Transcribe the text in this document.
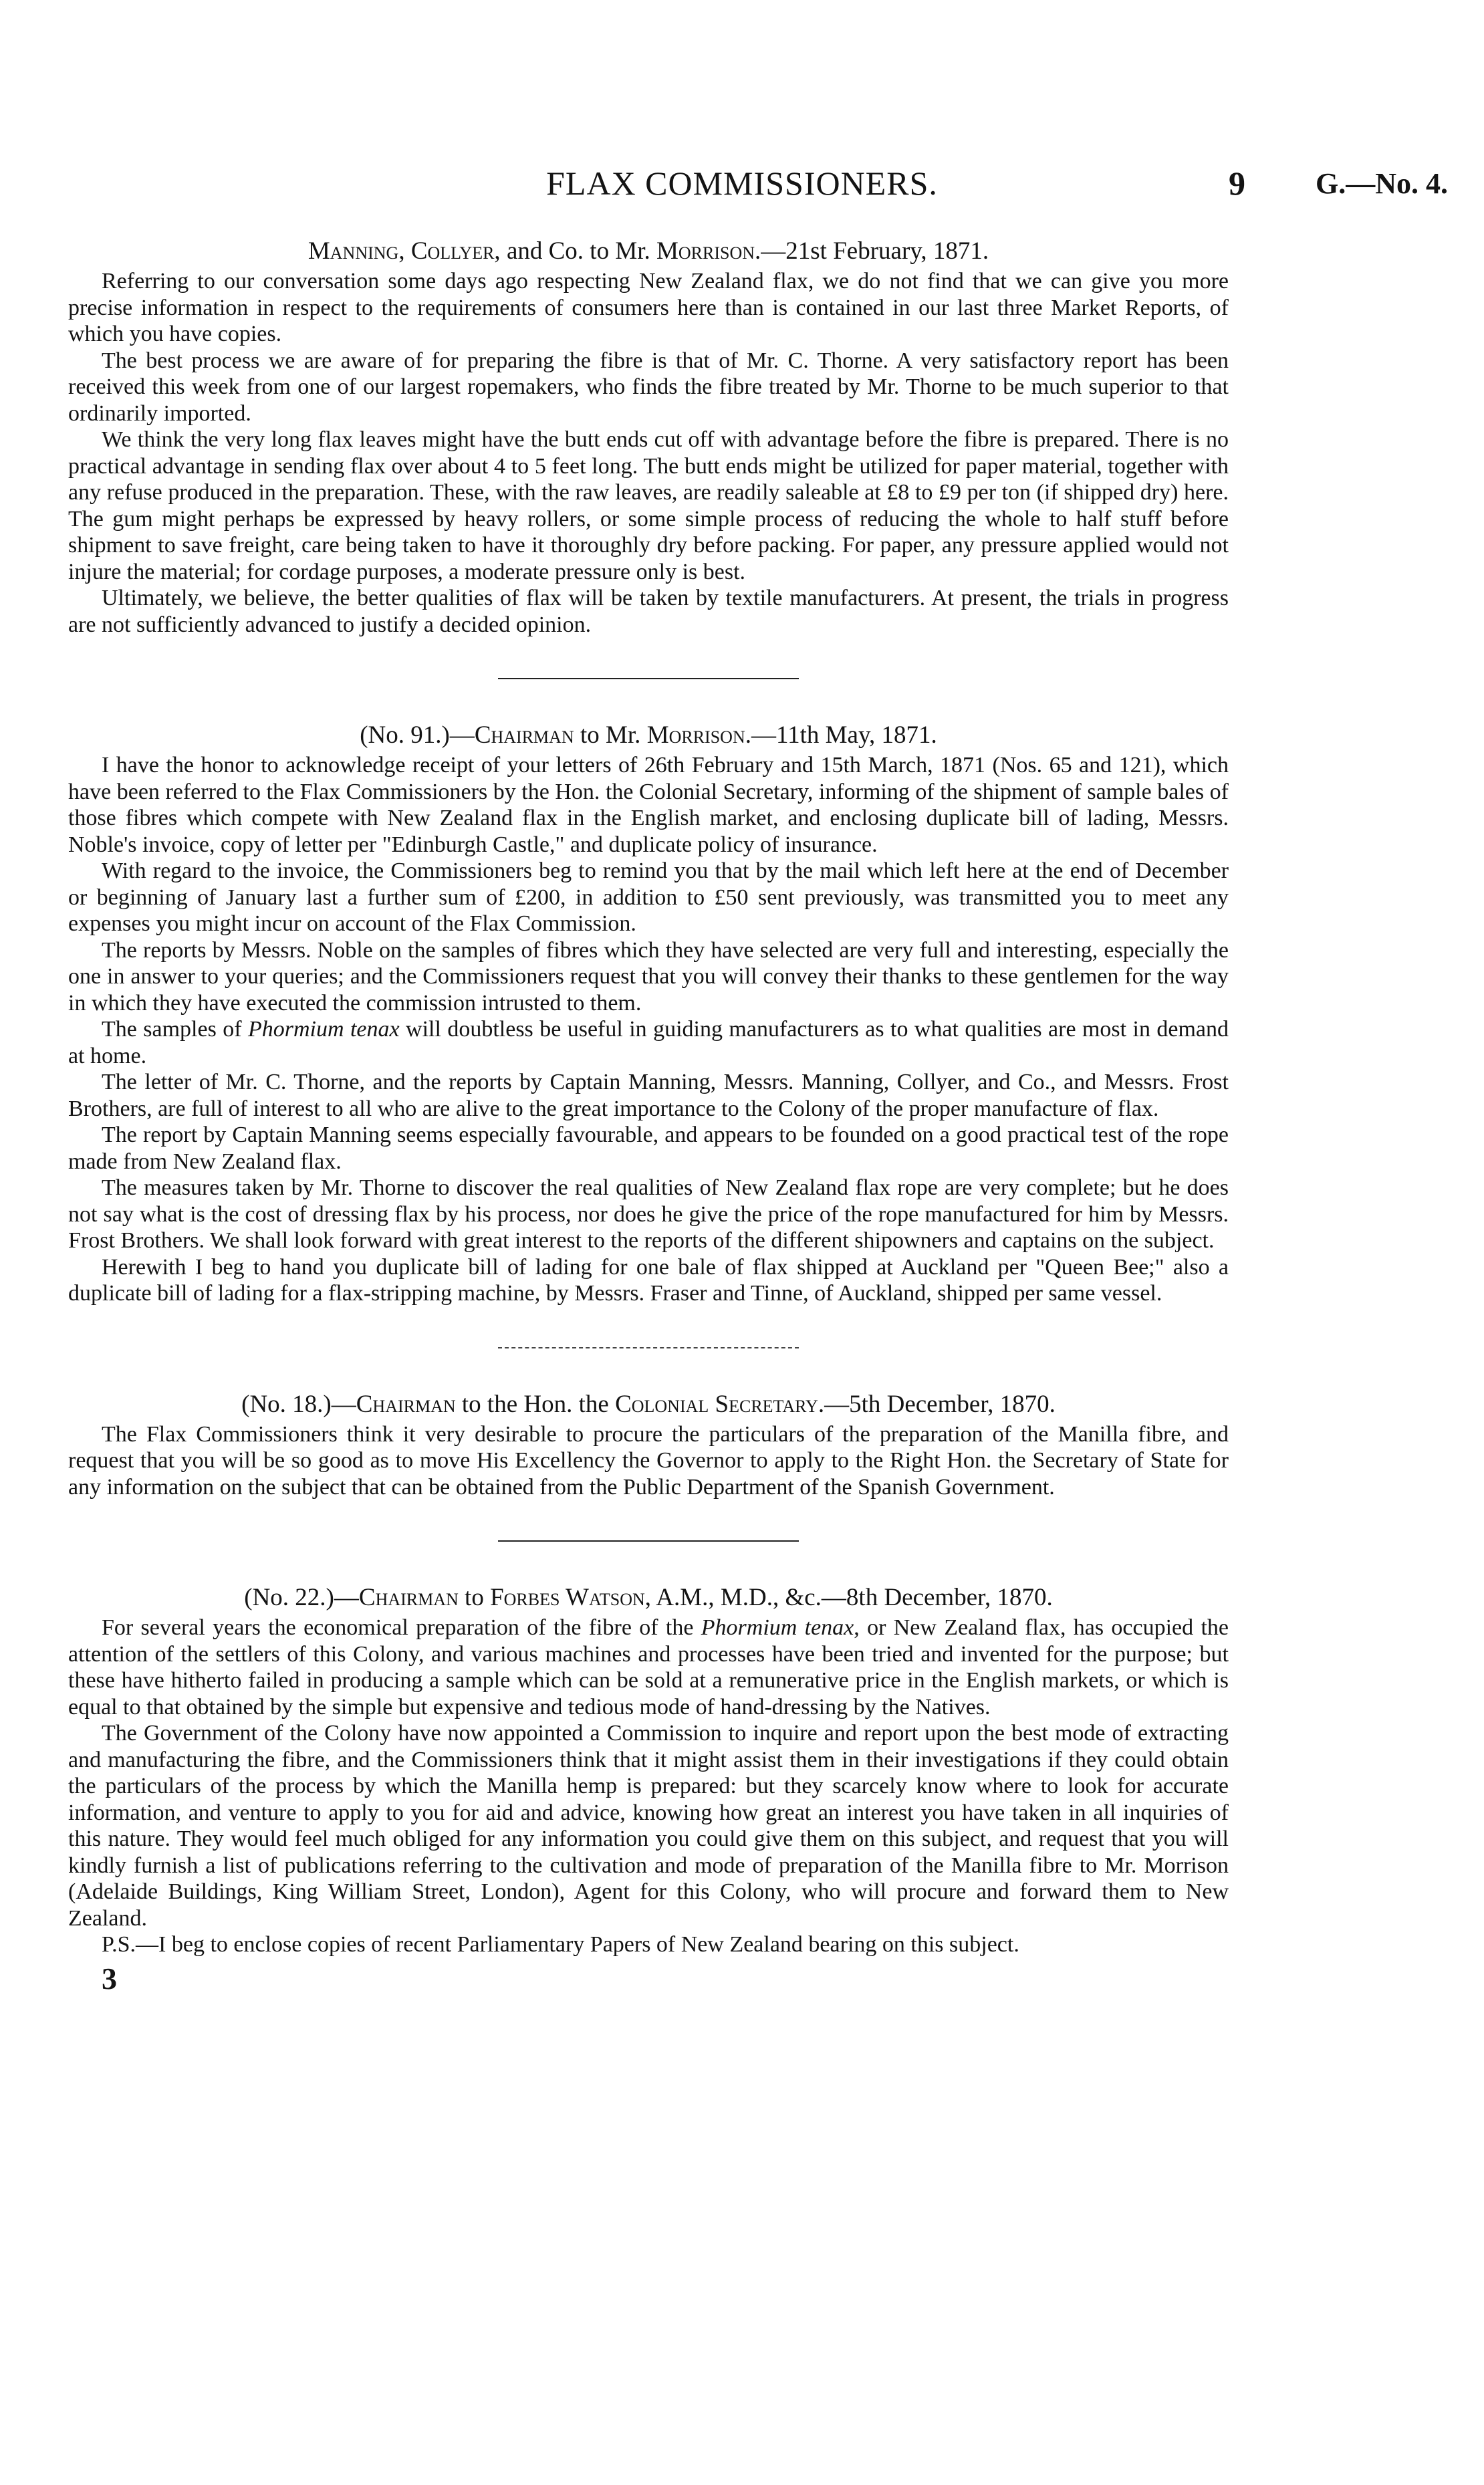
FLAX COMMISSIONERS.	9 G.—No. 4.
Manning, Collyer, and Co. to Mr. Morrison.—21st February, 1871.

Referring to our conversation some days ago respecting New Zealand flax, we do not find that we can give you more precise information in respect to the requirements of consumers here than is contained in our last three Market Reports, of which you have copies.

The best process we are aware of for preparing the fibre is that of Mr. C. Thorne. A very satisfactory report has been received this week from one of our largest ropemakers, who finds the fibre treated by Mr. Thorne to be much superior to that ordinarily imported.

We think the very long flax leaves might have the butt ends cut off with advantage before the fibre is prepared. There is no practical advantage in sending flax over about 4 to 5 feet long. The butt ends might be utilized for paper material, together with any refuse produced in the preparation. These, with the raw leaves, are readily saleable at £8 to £9 per ton (if shipped dry) here. The gum might perhaps be expressed by heavy rollers, or some simple process of reducing the whole to half stuff before shipment to save freight, care being taken to have it thoroughly dry before packing. For paper, any pressure applied would not injure the material; for cordage purposes, a moderate pressure only is best.

Ultimately, we believe, the better qualities of flax will be taken by textile manufacturers. At present, the trials in progress are not sufficiently advanced to justify a decided opinion.

(No. 91.)—Chairman to Mr. Morrison.—11th May, 1871.

I have the honor to acknowledge receipt of your letters of 26th February and 15th March, 1871 (Nos. 65 and 121), which have been referred to the Flax Commissioners by the Hon. the Colonial Secretary, informing of the shipment of sample bales of those fibres which compete with New Zealand flax in the English market, and enclosing duplicate bill of lading, Messrs. Noble's invoice, copy of letter per "Edinburgh Castle," and duplicate policy of insurance.

With regard to the invoice, the Commissioners beg to remind you that by the mail which left here at the end of December or beginning of January last a further sum of £200, in addition to £50 sent previously, was transmitted you to meet any expenses you might incur on account of the Flax Commission.

The reports by Messrs. Noble on the samples of fibres which they have selected are very full and interesting, especially the one in answer to your queries; and the Commissioners request that you will convey their thanks to these gentlemen for the way in which they have executed the commission intrusted to them.

The samples of Phormium tenax will doubtless be useful in guiding manufacturers as to what qualities are most in demand at home.

The letter of Mr. C. Thorne, and the reports by Captain Manning, Messrs. Manning, Collyer, and Co., and Messrs. Frost Brothers, are full of interest to all who are alive to the great importance to the Colony of the proper manufacture of flax.

The report by Captain Manning seems especially favourable, and appears to be founded on a good practical test of the rope made from New Zealand flax.

The measures taken by Mr. Thorne to discover the real qualities of New Zealand flax rope are very complete; but he does not say what is the cost of dressing flax by his process, nor does he give the price of the rope manufactured for him by Messrs. Frost Brothers. We shall look forward with great interest to the reports of the different shipowners and captains on the subject.

Herewith I beg to hand you duplicate bill of lading for one bale of flax shipped at Auckland per "Queen Bee;" also a duplicate bill of lading for a flax-stripping machine, by Messrs. Fraser and Tinne, of Auckland, shipped per same vessel.

(No. 18.)—Chairman to the Hon. the Colonial Secretary.—5th December, 1870.

The Flax Commissioners think it very desirable to procure the particulars of the preparation of the Manilla fibre, and request that you will be so good as to move His Excellency the Governor to apply to the Right Hon. the Secretary of State for any information on the subject that can be obtained from the Public Department of the Spanish Government.

(No. 22.)—Chairman to Forbes Watson, A.M., M.D., &c.—8th December, 1870.

For several years the economical preparation of the fibre of the Phormium tenax, or New Zealand flax, has occupied the attention of the settlers of this Colony, and various machines and processes have been tried and invented for the purpose; but these have hitherto failed in producing a sample which can be sold at a remunerative price in the English markets, or which is equal to that obtained by the simple but expensive and tedious mode of hand-dressing by the Natives.

The Government of the Colony have now appointed a Commission to inquire and report upon the best mode of extracting and manufacturing the fibre, and the Commissioners think that it might assist them in their investigations if they could obtain the particulars of the process by which the Manilla hemp is prepared: but they scarcely know where to look for accurate information, and venture to apply to you for aid and advice, knowing how great an interest you have taken in all inquiries of this nature. They would feel much obliged for any information you could give them on this subject, and request that you will kindly furnish a list of publications referring to the cultivation and mode of preparation of the Manilla fibre to Mr. Morrison (Adelaide Buildings, King William Street, London), Agent for this Colony, who will procure and forward them to New Zealand.

P.S.—I beg to enclose copies of recent Parliamentary Papers of New Zealand bearing on this subject.

3
